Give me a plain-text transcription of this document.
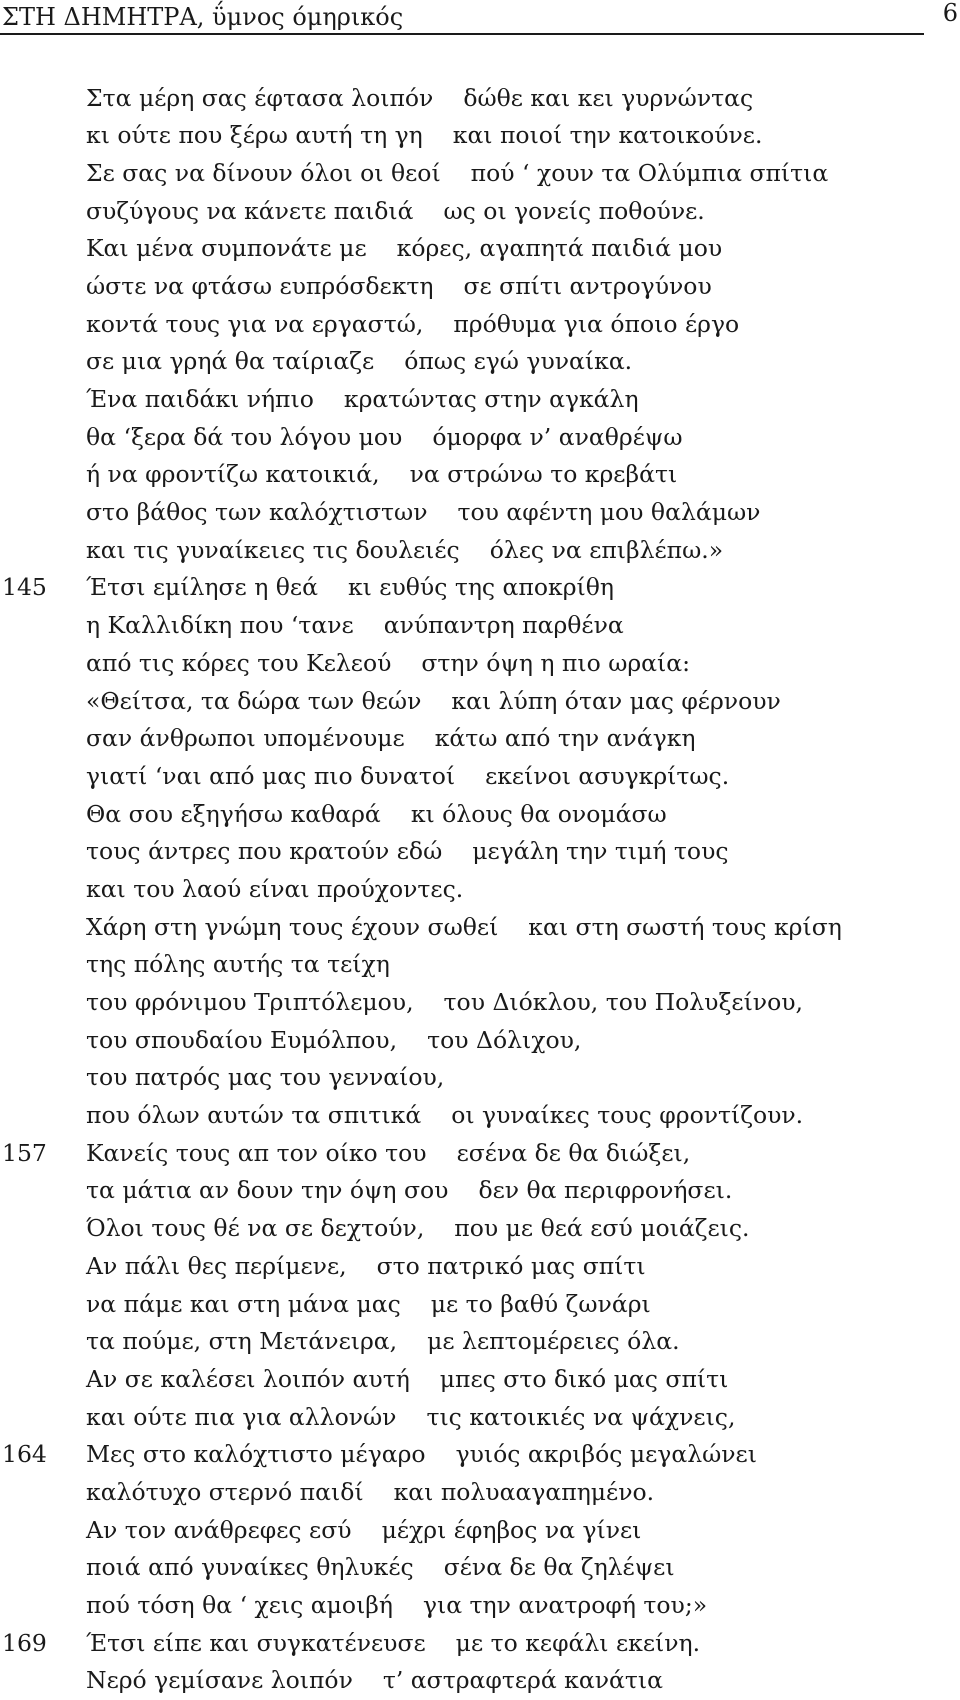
ΣΤΗ ΔΗΜΗΤΡΑ, ΰμνος όμηρικός	6
Στα μέρη σας έφτασα λοιπόν δώθε και κει γυρνώντας
κι ούτε που ξέρω αυτή τη γη και ποιοί την κατοικούνε.
Σε σας να δίνουν όλοι οι θεοί πού ‘ χουν τα Ολύμπια σπίτια
συζύγους να κάνετε παιδιά ως οι γονείς ποθούνε.
Και μένα συμπονάτε με κόρες, αγαπητά παιδιά μου
ώστε να φτάσω ευπρόσδεκτη σε σπίτι αντρογύνου
κοντά τους για να εργαστώ, πρόθυμα για όποιο έργο
σε μια γρηά θα ταίριαζε όπως εγώ γυναίκα.
Ένα παιδάκι νήπιο κρατώντας στην αγκάλη
θα ‘ξερα δά του λόγου μου όμορφα ν’ αναθρέψω
ή να φροντίζω κατοικιά, να στρώνω το κρεβάτι
στο βάθος των καλόχτιστων του αφέντη μου θαλάμων
και τις γυναίκειες τις δουλειές όλες να επιβλέπω.»
145	Έτσι εμίλησε η θεά κι ευθύς της αποκρίθη
η Καλλιδίκη που ‘τανε ανύπαντρη παρθένα
από τις κόρες του Κελεού στην όψη η πιο ωραία:
«Θείτσα, τα δώρα των θεών και λύπη όταν μας φέρνουν
σαν άνθρωποι υπομένουμε κάτω από την ανάγκη
γιατί ‘ναι από μας πιο δυνατοί εκείνοι ασυγκρίτως.
Θα σου εξηγήσω καθαρά κι όλους θα ονομάσω
τους άντρες που κρατούν εδώ μεγάλη την τιμή τους
και του λαού είναι προύχοντες.
Χάρη στη γνώμη τους έχουν σωθεί και στη σωστή τους κρίση
της πόλης αυτής τα τείχη
του φρόνιμου Τριπτόλεμου, του Διόκλου, του Πολυξείνου,
του σπουδαίου Ευμόλπου, του Δόλιχου,
του πατρός μας του γενναίου,
που όλων αυτών τα σπιτικά οι γυναίκες τους φροντίζουν.
157	Κανείς τους απ τον οίκο του εσένα δε θα διώξει,
τα μάτια αν δουν την όψη σου δεν θα περιφρονήσει.
Όλοι τους θέ να σε δεχτούν, που με θεά εσύ μοιάζεις.
Αν πάλι θες περίμενε, στο πατρικό μας σπίτι
να πάμε και στη μάνα μας με το βαθύ ζωνάρι
τα πούμε, στη Μετάνειρα, με λεπτομέρειες όλα.
Αν σε καλέσει λοιπόν αυτή μπες στο δικό μας σπίτι
και ούτε πια για αλλονών τις κατοικιές να ψάχνεις,
164	Μες στο καλόχτιστο μέγαρο γυιός ακριβός μεγαλώνει
καλότυχο στερνό παιδί και πολυααγαπημένο.
Αν τον ανάθρεφες εσύ μέχρι έφηβος να γίνει
ποιά από γυναίκες θηλυκές σένα δε θα ζηλέψει
πού τόση θα ‘ χεις αμοιβή για την ανατροφή του;»
169	Έτσι είπε και συγκατένευσε με το κεφάλι εκείνη.
Νερό γεμίσανε λοιπόν τ’ αστραφτερά κανάτια
